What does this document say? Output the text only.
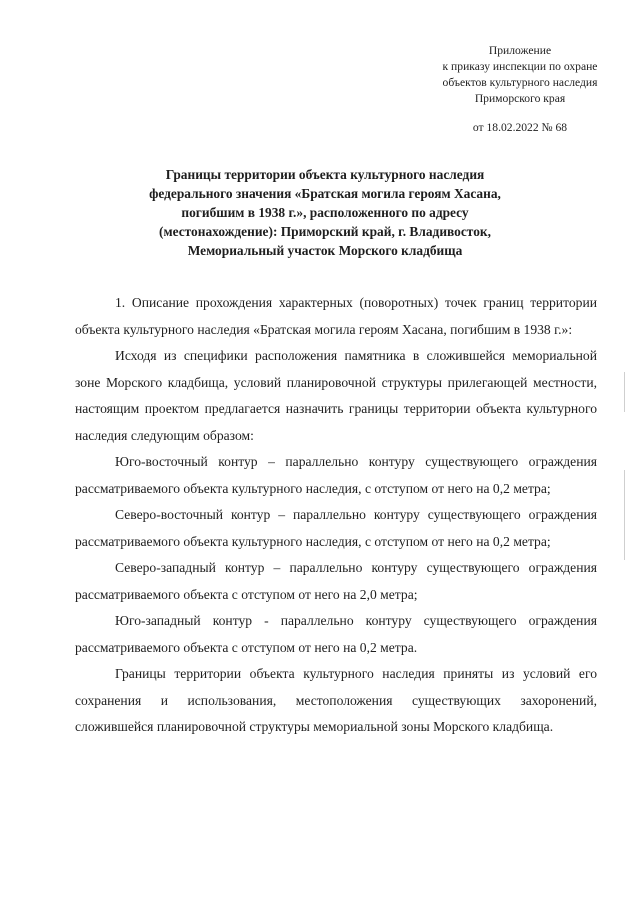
Приложение
к приказу инспекции по охране
объектов культурного наследия
Приморского края
от 18.02.2022 № 68
Границы территории объекта культурного наследия
федерального значения «Братская могила героям Хасана,
погибшим в 1938 г.», расположенного по адресу
(местонахождение): Приморский край, г. Владивосток,
Мемориальный участок Морского кладбища

1. Описание прохождения характерных (поворотных) точек границ территории объекта культурного наследия «Братская могила героям Хасана, погибшим в 1938 г.»:

Исходя из специфики расположения памятника в сложившейся мемориальной зоне Морского кладбища, условий планировочной структуры прилегающей местности, настоящим проектом предлагается назначить границы территории объекта культурного наследия следующим образом:

Юго-восточный контур – параллельно контуру существующего ограждения рассматриваемого объекта культурного наследия, с отступом от него на 0,2 метра;

Северо-восточный контур – параллельно контуру существующего ограждения рассматриваемого объекта культурного наследия, с отступом от него на 0,2 метра;

Северо-западный контур – параллельно контуру существующего ограждения рассматриваемого объекта с отступом от него на 2,0 метра;

Юго-западный контур - параллельно контуру существующего ограждения рассматриваемого объекта с отступом от него на 0,2 метра.

Границы территории объекта культурного наследия приняты из условий его сохранения и использования, местоположения существующих захоронений, сложившейся планировочной структуры мемориальной зоны Морского кладбища.
